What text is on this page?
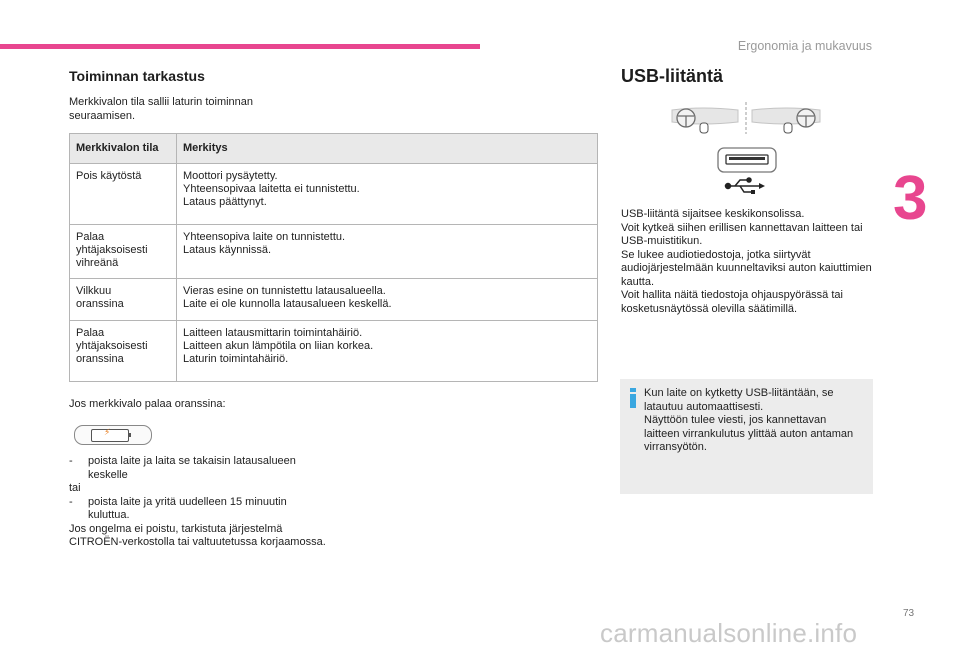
Ergonomia ja mukavuus
3
Toiminnan tarkastus
Merkkivalon tila sallii laturin toiminnan seuraamisen.
Merkkivalon tila	Merkitys

Pois käytöstä	Moottori pysäytetty.
Yhteensopivaa laitetta ei tunnistettu.
Lataus päättynyt.

Palaa
yhtäjaksoisesti
vihreänä	Yhteensopiva laite on tunnistettu.
Lataus käynnissä.

Vilkkuu
oranssina	Vieras esine on tunnistettu latausalueella.
Laite ei ole kunnolla latausalueen keskellä.

Palaa
yhtäjaksoisesti
oranssina	Laitteen latausmittarin toimintahäiriö.
Laitteen akun lämpötila on liian korkea.
Laturin toimintahäiriö.
Jos merkkivalo palaa oranssina:
⚡
- poista laite ja laita se takaisin latausalueen keskelle
tai
- poista laite ja yritä uudelleen 15 minuutin kuluttua.
Jos ongelma ei poistu, tarkistuta järjestelmä CITROËN-verkostolla tai valtuutetussa korjaamossa.
USB-liitäntä
USB-liitäntä sijaitsee keskikonsolissa.
Voit kytkeä siihen erillisen kannettavan laitteen tai USB-muistitikun.
Se lukee audiotiedostoja, jotka siirtyvät audiojärjestelmään kuunneltaviksi auton kaiuttimien kautta.
Voit hallita näitä tiedostoja ohjauspyörässä tai kosketusnäytössä olevilla säätimillä.
Kun laite on kytketty USB-liitäntään, se latautuu automaattisesti.
Näyttöön tulee viesti, jos kannettavan laitteen virrankulutus ylittää auton antaman virransyötön.
73
carmanualsonline.info
